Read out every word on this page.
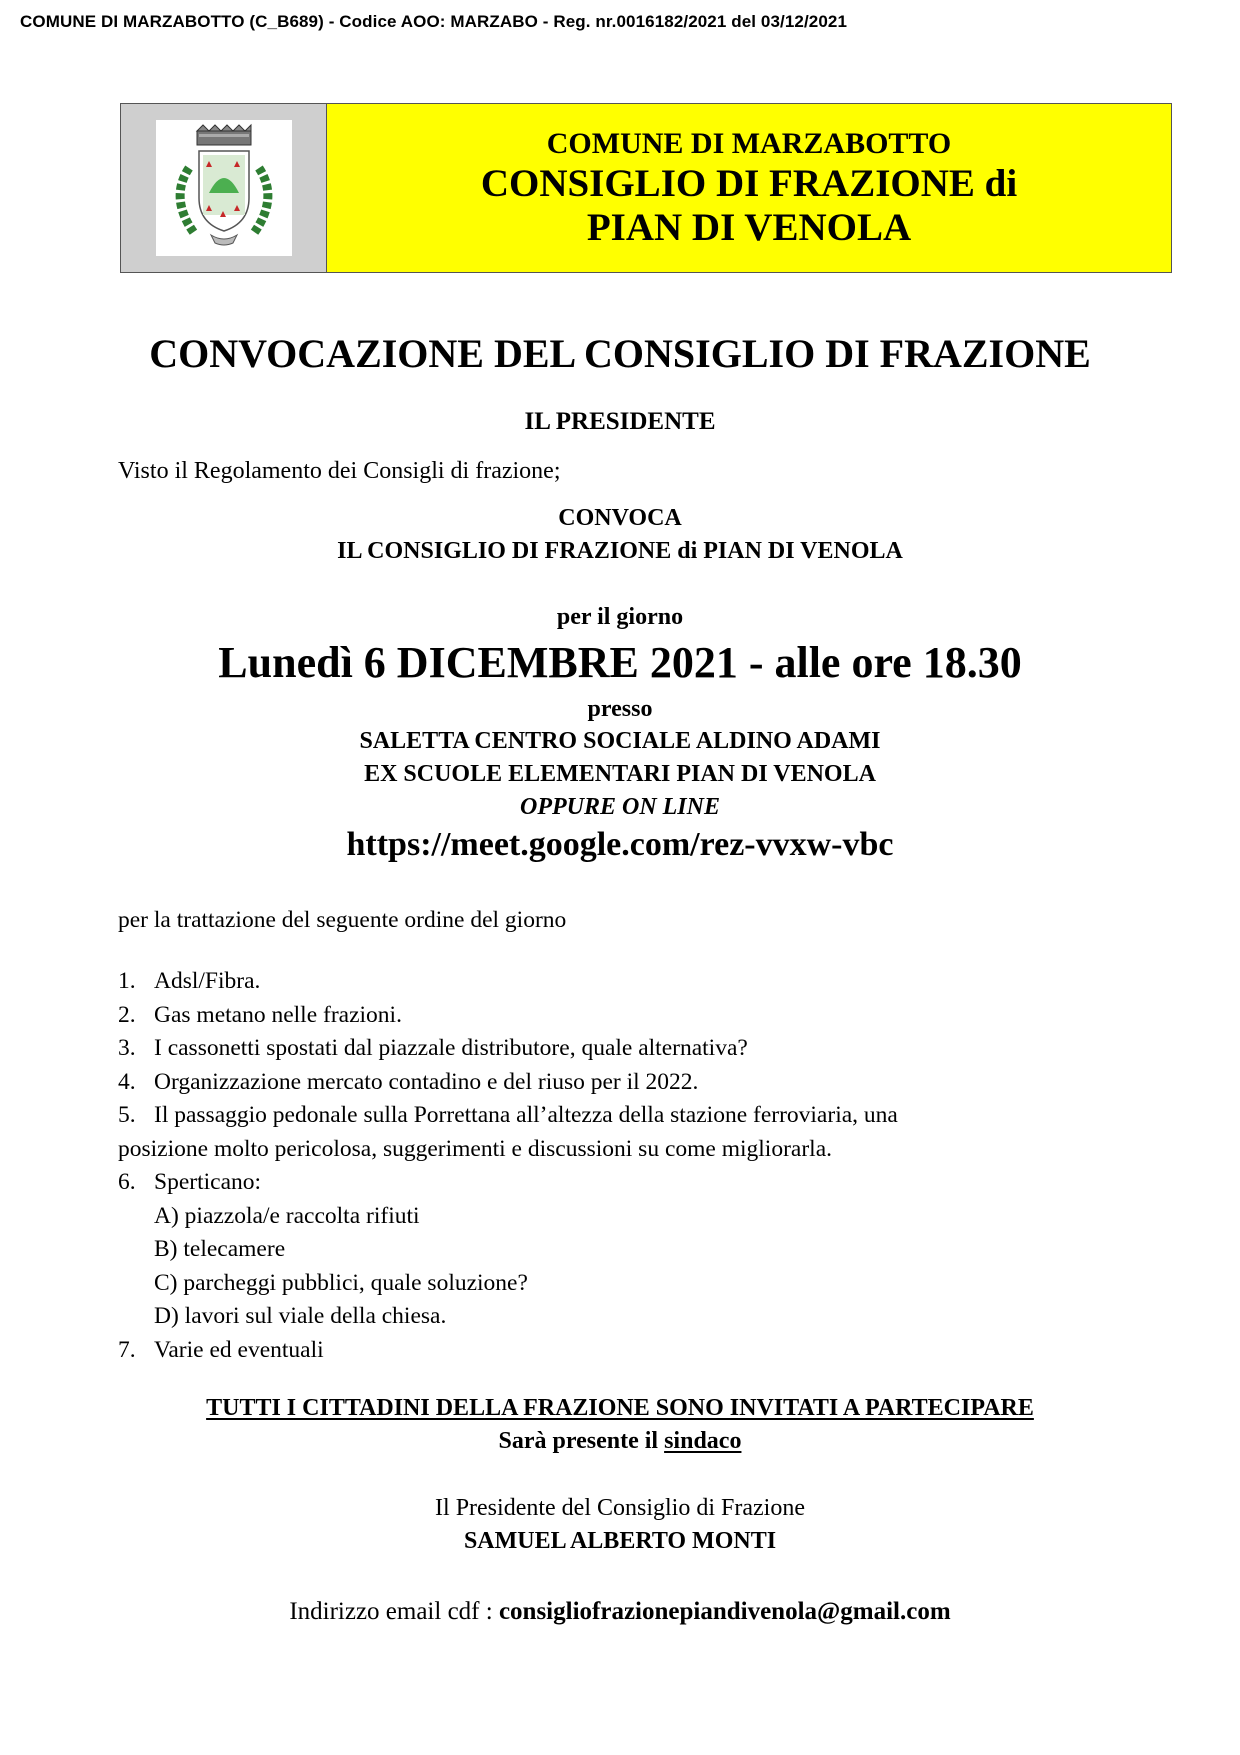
COMUNE DI MARZABOTTO (C_B689) - Codice AOO: MARZABO - Reg. nr.0016182/2021 del 03/12/2021
COMUNE DI MARZABOTTO
CONSIGLIO DI FRAZIONE di
PIAN DI VENOLA
CONVOCAZIONE DEL CONSIGLIO DI FRAZIONE
IL PRESIDENTE
Visto il Regolamento dei Consigli di frazione;
CONVOCA
IL CONSIGLIO DI FRAZIONE di PIAN DI VENOLA
per il giorno
Lunedì 6 DICEMBRE 2021 - alle ore 18.30
presso
SALETTA CENTRO SOCIALE ALDINO ADAMI
EX SCUOLE ELEMENTARI PIAN DI VENOLA
OPPURE ON LINE
https://meet.google.com/rez-vvxw-vbc
per la trattazione del seguente ordine del giorno
1. Adsl/Fibra.
2. Gas metano nelle frazioni.
3. I cassonetti spostati dal piazzale distributore, quale alternativa?
4. Organizzazione mercato contadino e del riuso per il 2022.
5. Il passaggio pedonale sulla Porrettana all’altezza della stazione ferroviaria, una
posizione molto pericolosa, suggerimenti e discussioni su come migliorarla.
6. Sperticano:
A) piazzola/e raccolta rifiuti
B) telecamere
C) parcheggi pubblici, quale soluzione?
D) lavori sul viale della chiesa.
7. Varie ed eventuali
TUTTI I CITTADINI DELLA FRAZIONE SONO INVITATI A PARTECIPARE
Sarà presente il sindaco
Il Presidente del Consiglio di Frazione
SAMUEL ALBERTO MONTI
Indirizzo email cdf : consigliofrazionepiandivenola@gmail.com
